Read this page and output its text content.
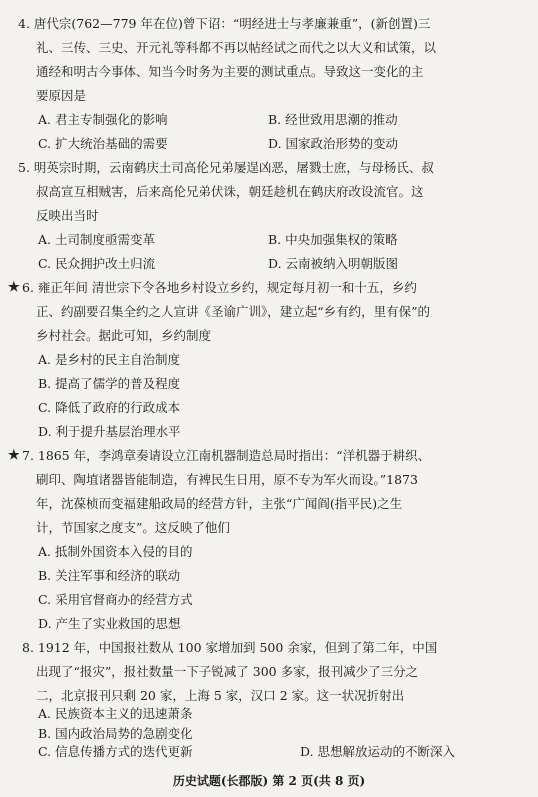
4. 唐代宗(762—779 年在位)曾下诏：“明经进士与孝廉兼重”，(新创置)三
礼、三传、三史、开元礼等科都不再以帖经试之而代之以大义和试策，以
通经和明古今事体、知当今时务为主要的测试重点。导致这一变化的主
要原因是
A. 君主专制强化的影响	B. 经世致用思潮的推动
C. 扩大统治基础的需要	D. 国家政治形势的变动
5. 明英宗时期，云南鹤庆土司高伦兄弟屡逞凶恶，屠戮士庶，与母杨氏、叔
叔高宣互相贼害，后来高伦兄弟伏诛，朝廷趁机在鹤庆府改设流官。这
反映出当时
A. 土司制度亟需变革	B. 中央加强集权的策略
C. 民众拥护改土归流	D. 云南被纳入明朝版图
★ 6. 雍正年间 清世宗下令各地乡村设立乡约，规定每月初一和十五，乡约
正、约副要召集全约之人宣讲《圣谕广训》，建立起“乡有约，里有保”的
乡村社会。据此可知，乡约制度
A. 是乡村的民主自治制度
B. 提高了儒学的普及程度
C. 降低了政府的行政成本
D. 利于提升基层治理水平
★ 7. 1865 年，李鸿章奏请设立江南机器制造总局时指出：“洋机器于耕织、
刷印、陶埴诸器皆能制造，有裨民生日用，原不专为军火而设。”1873
年，沈葆桢而变福建船政局的经营方针，主张“广闻阎(指平民)之生
计，节国家之度支”。这反映了他们
A. 抵制外国资本入侵的目的
B. 关注军事和经济的联动
C. 采用官督商办的经营方式
D. 产生了实业救国的思想
8. 1912 年，中国报社数从 100 家增加到 500 余家，但到了第二年，中国
出现了“报灾”，报社数量一下子锐减了 300 多家，报刊减少了三分之
二，北京报刊只剩 20 家，上海 5 家，汉口 2 家。这一状况折射出
A. 民族资本主义的迅速萧条
B. 国内政治局势的急剧变化
C. 信息传播方式的迭代更新	D. 思想解放运动的不断深入
历史试题(长郡版) 第 2 页(共 8 页)
